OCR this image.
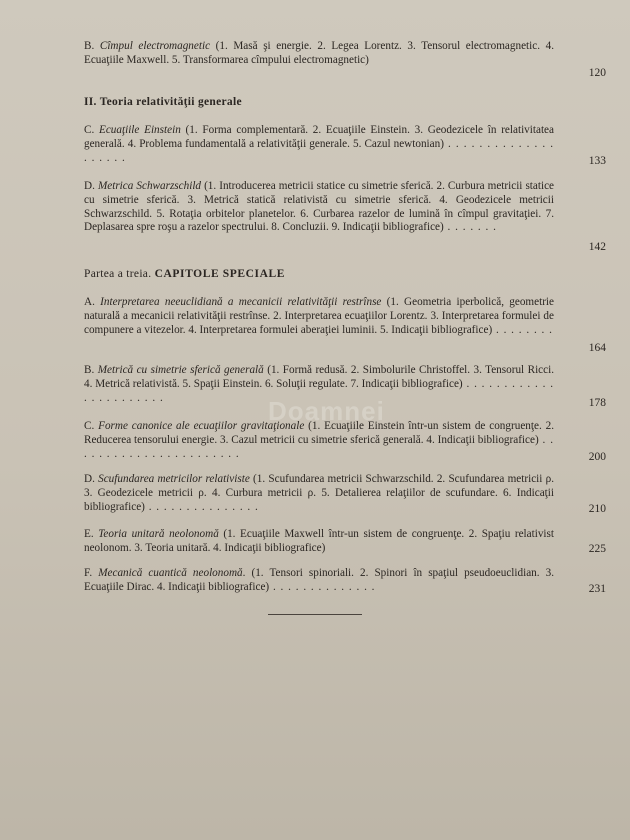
B. Cîmpul electromagnetic (1. Masă şi energie. 2. Legea Lorentz. 3. Tensorul electromagnetic. 4. Ecuaţiile Maxwell. 5. Transformarea cîmpului electromagnetic)
120
II. Teoria relativităţii generale
C. Ecuaţiile Einstein (1. Forma complementară. 2. Ecuaţiile Einstein. 3. Geodezicele în relativitatea generală. 4. Problema fundamentală a relativităţii generale. 5. Cazul newtonian) . . . . . . . . . . . . . . . . . . . .	133
D. Metrica Schwarzschild (1. Introducerea metricii statice cu simetrie sferică. 2. Curbura metricii statice cu simetrie sferică. 3. Metrică statică relativistă cu simetrie sferică. 4. Geodezicele metricii Schwarzschild. 5. Rotaţia orbitelor planetelor. 6. Curbarea razelor de lumină în cîmpul gravitaţiei. 7. Deplasarea spre roşu a razelor spectrului. 8. Concluzii. 9. Indicaţii bibliografice) . . . . . . .
142
Partea a treia. CAPITOLE SPECIALE
A. Interpretarea neeuclidiană a mecanicii relativităţii restrînse (1. Geometria iperbolică, geometrie naturală a mecanicii relativităţii restrînse. 2. Interpretarea ecuaţiilor Lorentz. 3. Interpretarea formulei de compunere a vitezelor. 4. Interpretarea formulei aberaţiei luminii. 5. Indicaţii bibliografice) . . . . . . . .
164
B. Metrică cu simetrie sferică generală (1. Formă redusă. 2. Simbolurile Christoffel. 3. Tensorul Ricci. 4. Metrică relativistă. 5. Spaţii Einstein. 6. Soluţii regulate. 7. Indicaţii bibliografice) . . . . . . . . . . . . . . . . . . . . . . .	178
Doamnei
C. Forme canonice ale ecuaţiilor gravitaţionale (1. Ecuaţiile Einstein într-un sistem de congruenţe. 2. Reducerea tensorului energie. 3. Cazul metricii cu simetrie sferică generală. 4. Indicaţii bibliografice) . . . . . . . . . . . . . . . . . . . . . . .	200
D. Scufundarea metricilor relativiste (1. Scufundarea metricii Schwarzschild. 2. Scufundarea metricii ρ. 3. Geodezicele metricii ρ. 4. Curbura metricii ρ. 5. Detalierea relaţiilor de scufundare. 6. Indicaţii bibliografice) . . . . . . . . . . . . . . .	210
E. Teoria unitară neolonomă (1. Ecuaţiile Maxwell într-un sistem de congruenţe. 2. Spaţiu relativist neolonom. 3. Teoria unitară. 4. Indicaţii bibliografice)	225
F. Mecanică cuantică neolonomă. (1. Tensori spinoriali. 2. Spinori în spaţiul pseudoeuclidian. 3. Ecuaţiile Dirac. 4. Indicaţii bibliografice) . . . . . . . . . . . . . .	231
